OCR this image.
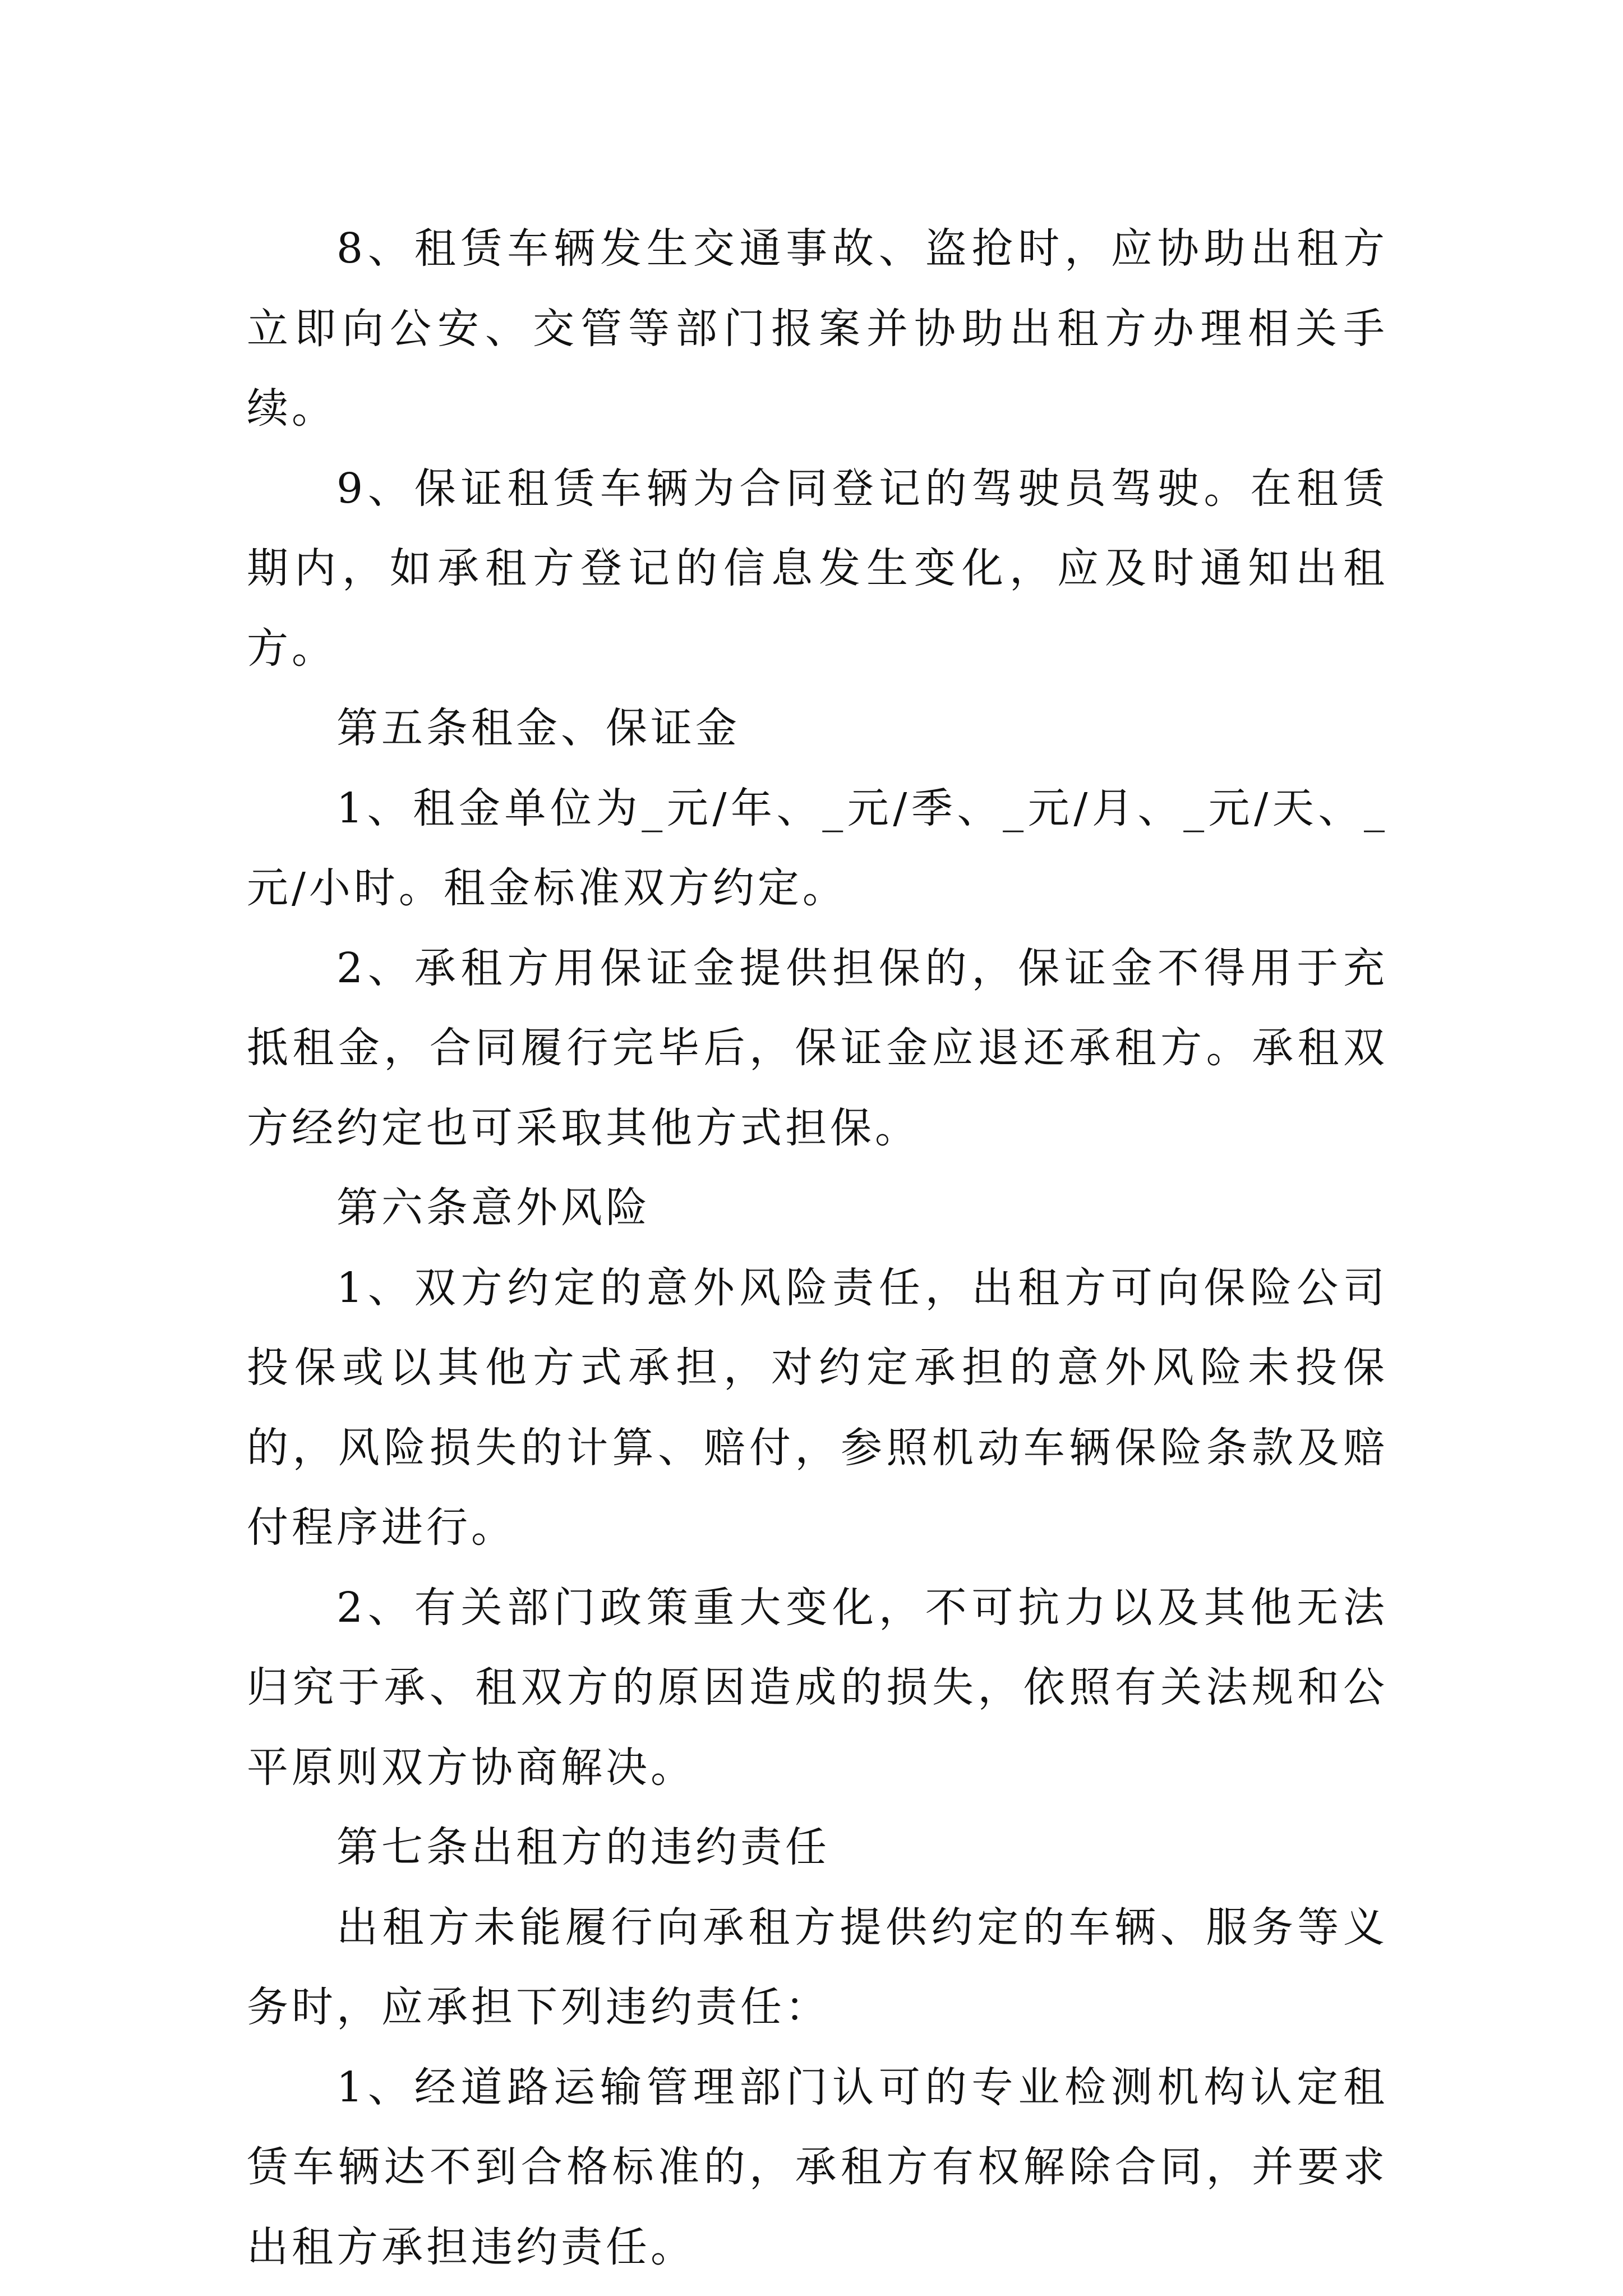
8、租赁车辆发生交通事故、盗抢时，应协助出租方立即向公安、交管等部门报案并协助出租方办理相关手续。

9、保证租赁车辆为合同登记的驾驶员驾驶。在租赁期内，如承租方登记的信息发生变化，应及时通知出租方。

第五条租金、保证金

1、租金单位为_元/年、_元/季、_元/月、_元/天、_元/小时。租金标准双方约定。

2、承租方用保证金提供担保的，保证金不得用于充抵租金，合同履行完毕后，保证金应退还承租方。承租双方经约定也可采取其他方式担保。

第六条意外风险

1、双方约定的意外风险责任，出租方可向保险公司投保或以其他方式承担，对约定承担的意外风险未投保的，风险损失的计算、赔付，参照机动车辆保险条款及赔付程序进行。

2、有关部门政策重大变化，不可抗力以及其他无法归究于承、租双方的原因造成的损失，依照有关法规和公平原则双方协商解决。

第七条出租方的违约责任

出租方未能履行向承租方提供约定的车辆、服务等义务时，应承担下列违约责任：

1、经道路运输管理部门认可的专业检测机构认定租赁车辆达不到合格标准的，承租方有权解除合同，并要求出租方承担违约责任。
